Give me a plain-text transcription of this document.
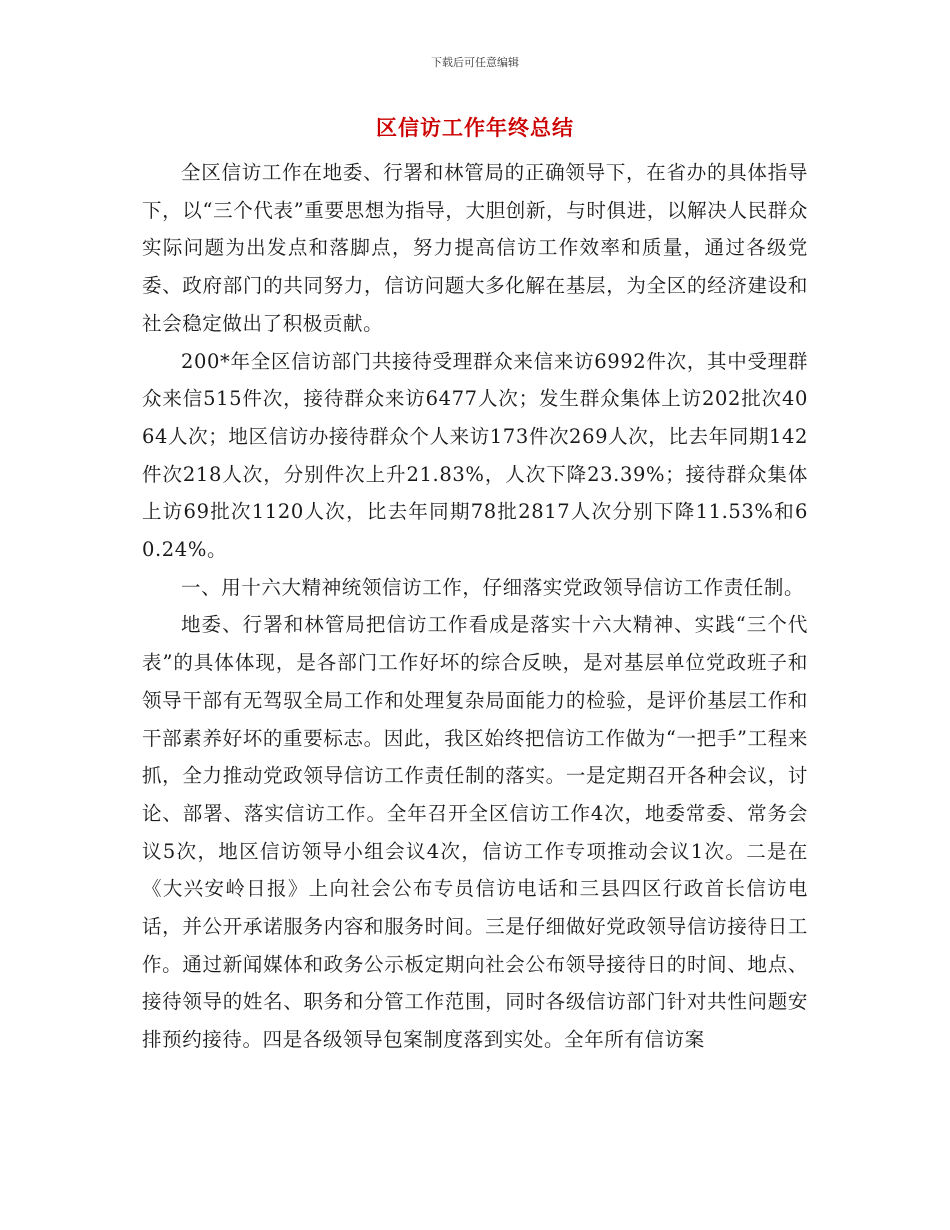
下载后可任意编辑
区信访工作年终总结

全区信访工作在地委、行署和林管局的正确领导下，在省办的具体指导下，以“三个代表”重要思想为指导，大胆创新，与时俱进，以解决人民群众实际问题为出发点和落脚点，努力提高信访工作效率和质量，通过各级党委、政府部门的共同努力，信访问题大多化解在基层，为全区的经济建设和社会稳定做出了积极贡献。

200*年全区信访部门共接待受理群众来信来访6992件次，其中受理群众来信515件次，接待群众来访6477人次；发生群众集体上访202批次4064人次；地区信访办接待群众个人来访173件次269人次，比去年同期142件次218人次，分别件次上升21.83%，人次下降23.39%；接待群众集体上访69批次1120人次，比去年同期78批2817人次分别下降11.53%和60.24%。

一、用十六大精神统领信访工作，仔细落实党政领导信访工作责任制。

地委、行署和林管局把信访工作看成是落实十六大精神、实践“三个代表”的具体体现，是各部门工作好坏的综合反映，是对基层单位党政班子和领导干部有无驾驭全局工作和处理复杂局面能力的检验，是评价基层工作和干部素养好坏的重要标志。因此，我区始终把信访工作做为“一把手”工程来抓，全力推动党政领导信访工作责任制的落实。一是定期召开各种会议，讨论、部署、落实信访工作。全年召开全区信访工作4次，地委常委、常务会议5次，地区信访领导小组会议4次，信访工作专项推动会议1次。二是在《大兴安岭日报》上向社会公布专员信访电话和三县四区行政首长信访电话，并公开承诺服务内容和服务时间。三是仔细做好党政领导信访接待日工作。通过新闻媒体和政务公示板定期向社会公布领导接待日的时间、地点、接待领导的姓名、职务和分管工作范围，同时各级信访部门针对共性问题安排预约接待。四是各级领导包案制度落到实处。全年所有信访案
